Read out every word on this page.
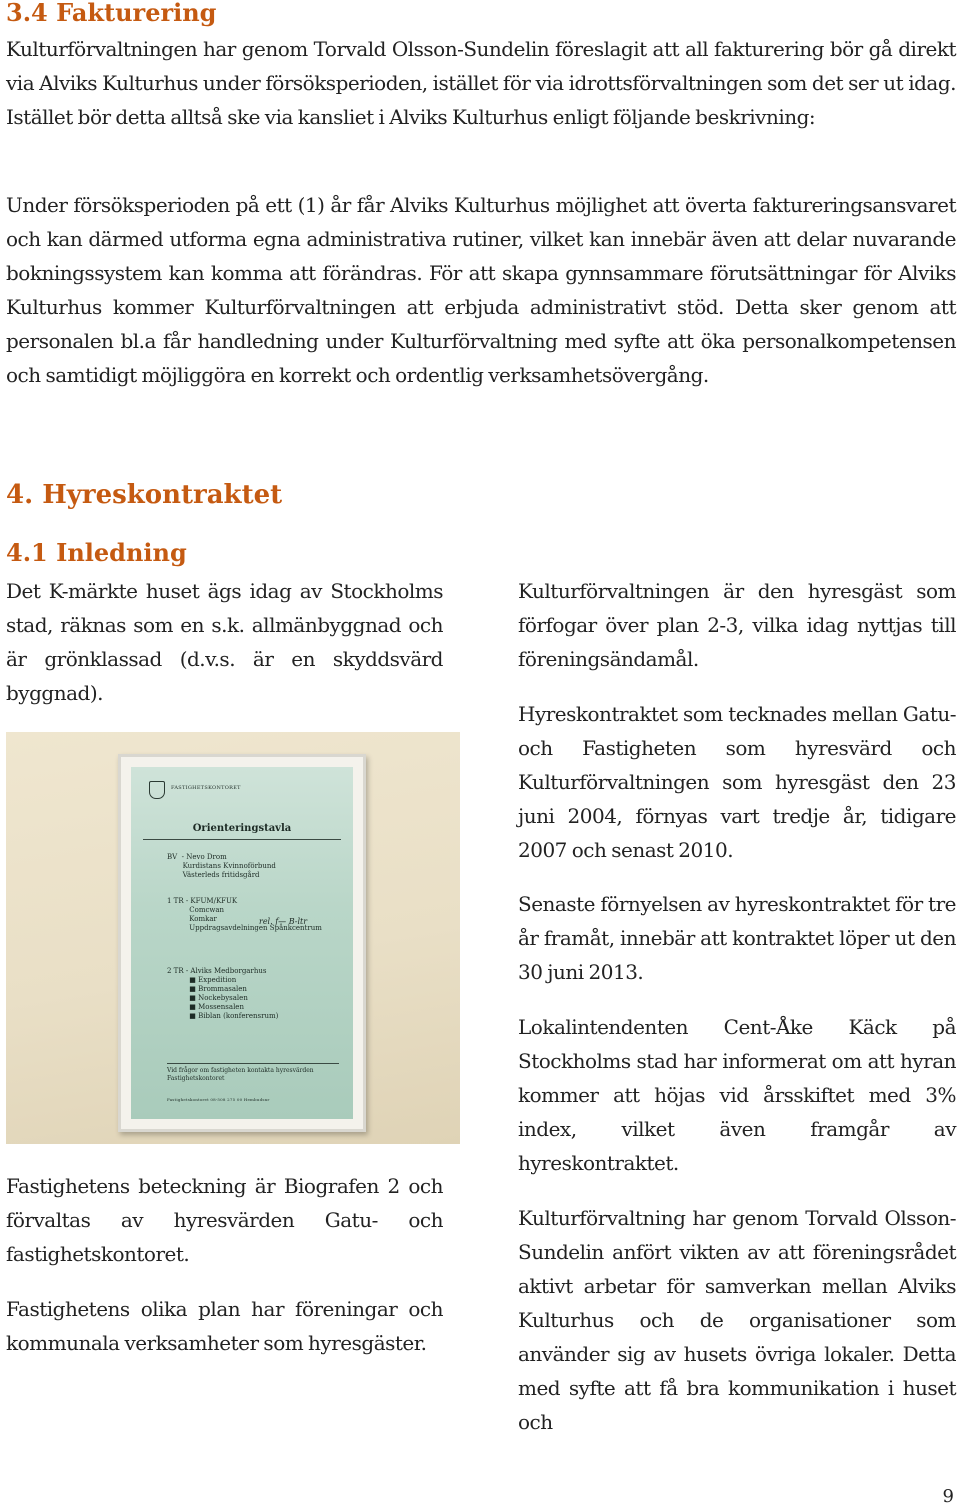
3.4 Fakturering

Kulturförvaltningen har genom Torvald Olsson-Sundelin föreslagit att all fakturering bör gå direkt via Alviks Kulturhus under försöksperioden, istället för via idrottsförvaltningen som det ser ut idag. Istället bör detta alltså ske via kansliet i Alviks Kulturhus enligt följande beskrivning:

Under försöksperioden på ett (1) år får Alviks Kulturhus möjlighet att överta faktureringsansvaret och kan därmed utforma egna administrativa rutiner, vilket kan innebär även att delar nuvarande bokningssystem kan komma att förändras. För att skapa gynnsammare förutsättningar för Alviks Kulturhus kommer Kulturförvaltningen att erbjuda administrativt stöd. Detta sker genom att personalen bl.a får handledning under Kulturförvaltning med syfte att öka personalkompetensen och samtidigt möjliggöra en korrekt och ordentlig verksamhetsövergång.

4. Hyreskontraktet
4.1 Inledning

Det K-märkte huset ägs idag av Stockholms stad, räknas som en s.k. allmänbyggnad och är grönklassad (d.v.s. är en skyddsvärd byggnad).

FASTIGHETSKONTORET
Orienteringstavla
BV  - Nevo Drom
Kurdistans Kvinnoförbund
Västerleds fritidsgård
1 TR - KFUM/KFUK
Comcwan
Komkar
Uppdragsavdelningen Spånkcentrum
rel. f— B-ltr
2 TR - Alviks Medborgarhus
■ Expedition
■ Brommasalen
■ Nockebysalen
■ Mossensalen
■ Biblan (konferensrum)
Vid frågor om fastigheten kontakta hyresvärden
Fastighetskontoret
Fastighetskontoret 08-508 275 00 Hembudsnr

Fastighetens beteckning är Biografen 2 och förvaltas av hyresvärden Gatu- och fastighetskontoret.

Fastighetens olika plan har föreningar och kommunala verksamheter som hyresgäster.

Kulturförvaltningen är den hyresgäst som förfogar över plan 2-3, vilka idag nyttjas till föreningsändamål.

Hyreskontraktet som tecknades mellan Gatu- och Fastigheten som hyresvärd och Kulturförvaltningen som hyresgäst den 23 juni 2004, förnyas vart tredje år, tidigare 2007 och senast 2010.

Senaste förnyelsen av hyreskontraktet för tre år framåt, innebär att kontraktet löper ut den 30 juni 2013.

Lokalintendenten Cent-Åke Käck på Stockholms stad har informerat om att hyran kommer att höjas vid årsskiftet med 3% index, vilket även framgår av hyreskontraktet.

Kulturförvaltning har genom Torvald Olsson-Sundelin anfört vikten av att föreningsrådet aktivt arbetar för samverkan mellan Alviks Kulturhus och de organisationer som använder sig av husets övriga lokaler. Detta med syfte att få bra kommunikation i huset och

9
